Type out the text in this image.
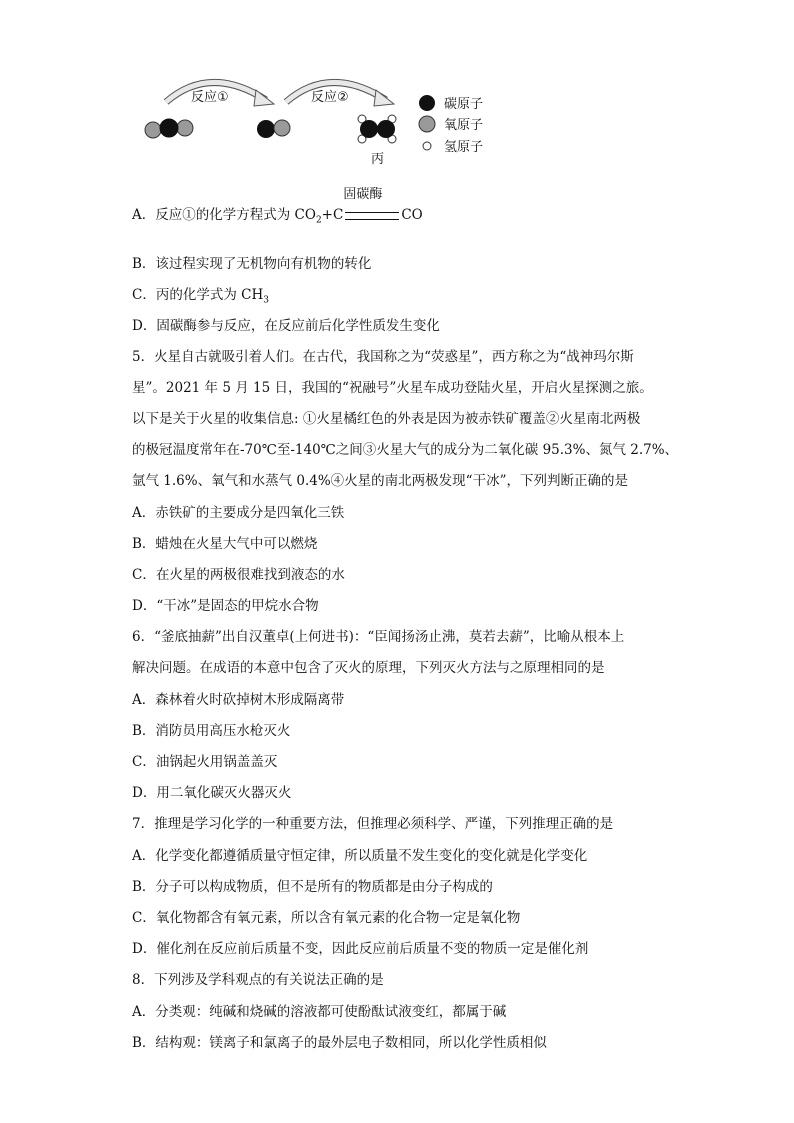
反应①	反应②
丙
碳原子
氧原子
氢原子
A．反应①的化学方程式为 $CO_2+C$
固碳酶
CO
B．该过程实现了无机物向有机物的转化
C．丙的化学式为 $CH_3$
D．固碳酶参与反应，在反应前后化学性质发生变化
5．火星自古就吸引着人们。在古代，我国称之为“荧惑星”，西方称之为“战神玛尔斯
星”。2021 年 5 月 15 日，我国的“祝融号”火星车成功登陆火星，开启火星探测之旅。
以下是关于火星的收集信息: ①火星橘红色的外表是因为被赤铁矿覆盖②火星南北两极
的极冠温度常年在-70℃至-140℃之间③火星大气的成分为二氧化碳 95.3%、氮气 2.7%、
氩气 1.6%、氧气和水蒸气 0.4%④火星的南北两极发现“干冰”，下列判断正确的是
A．赤铁矿的主要成分是四氧化三铁
B．蜡烛在火星大气中可以燃烧
C．在火星的两极很难找到液态的水
D．“干冰”是固态的甲烷水合物
6．“釜底抽薪”出自汉董卓(上何进书)：“臣闻扬汤止沸，莫若去薪”，比喻从根本上
解决问题。在成语的本意中包含了灭火的原理，下列灭火方法与之原理相同的是
A．森林着火时砍掉树木形成隔离带
B．消防员用高压水枪灭火
C．油锅起火用锅盖盖灭
D．用二氧化碳灭火器灭火
7．推理是学习化学的一种重要方法，但推理必须科学、严谨，下列推理正确的是
A．化学变化都遵循质量守恒定律，所以质量不发生变化的变化就是化学变化
B．分子可以构成物质，但不是所有的物质都是由分子构成的
C．氧化物都含有氧元素，所以含有氧元素的化合物一定是氧化物
D．催化剂在反应前后质量不变，因此反应前后质量不变的物质一定是催化剂
8．下列涉及学科观点的有关说法正确的是
A．分类观：纯碱和烧碱的溶液都可使酚酞试液变红，都属于碱
B．结构观：镁离子和氯离子的最外层电子数相同，所以化学性质相似
